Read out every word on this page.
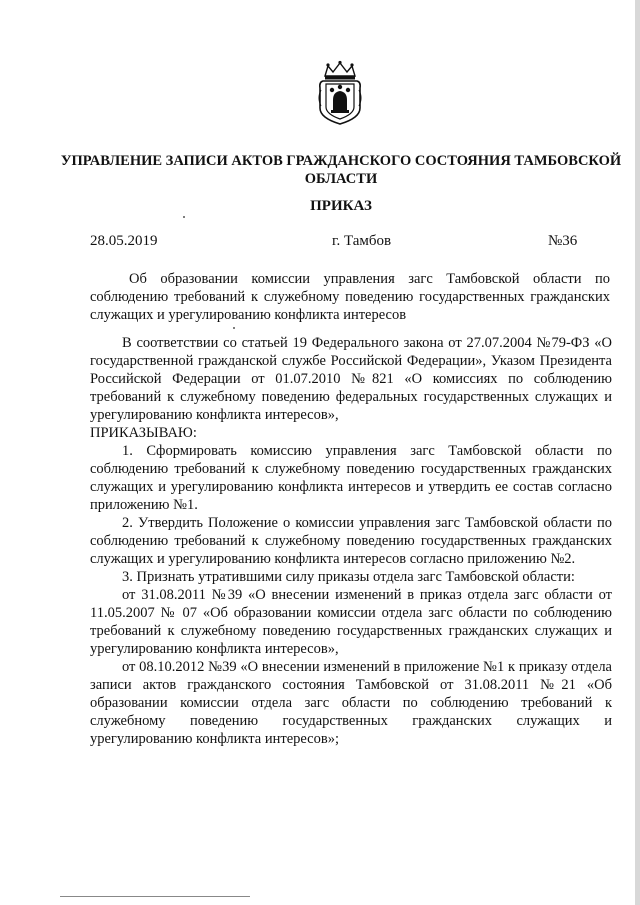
УПРАВЛЕНИЕ ЗАПИСИ АКТОВ ГРАЖДАНСКОГО СОСТОЯНИЯ ТАМБОВСКОЙ ОБЛАСТИ
ПРИКАЗ
28.05.2019	г. Тамбов	№36
Об образовании комиссии управления загс Тамбовской области по соблюдению требований к служебному поведению государственных гражданских служащих и урегулированию конфликта интересов

В соответствии со статьей 19 Федерального закона от 27.07.2004 №79-ФЗ «О государственной гражданской службе Российской Федерации», Указом Президента Российской Федерации от 01.07.2010 №821 «О комиссиях по соблюдению требований к служебному поведению федеральных государственных служащих и урегулированию конфликта интересов»,

ПРИКАЗЫВАЮ:

1. Сформировать комиссию управления загс Тамбовской области по соблюдению требований к служебному поведению государственных гражданских служащих и урегулированию конфликта интересов и утвердить ее состав согласно приложению №1.

2. Утвердить Положение о комиссии управления загс Тамбовской области по соблюдению требований к служебному поведению государственных гражданских служащих и урегулированию конфликта интересов согласно приложению №2.

3. Признать утратившими силу приказы отдела загс Тамбовской области:

от 31.08.2011 №39 «О внесении изменений в приказ отдела загс области от 11.05.2007 № 07 «Об образовании комиссии отдела загс области по соблюдению требований к служебному поведению государственных гражданских служащих и урегулированию конфликта интересов»,

от 08.10.2012 №39 «О внесении изменений в приложение №1 к приказу отдела записи актов гражданского состояния Тамбовской от 31.08.2011 №21 «Об образовании комиссии отдела загс области по соблюдению требований к служебному поведению государственных гражданских служащих и урегулированию конфликта интересов»;
